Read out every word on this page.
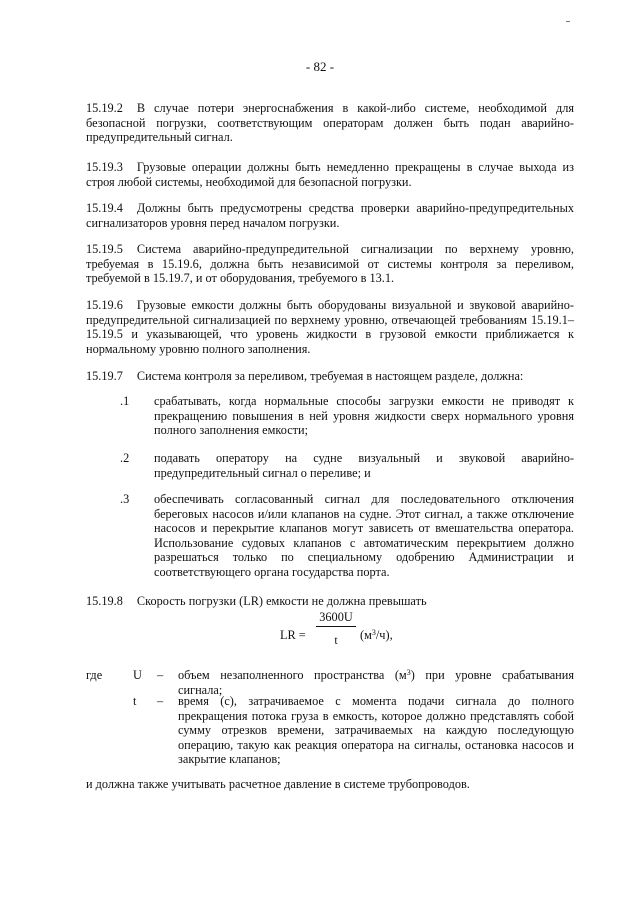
- 82 -

15.19.2 В случае потери энергоснабжения в какой-либо системе, необходимой для безопасной погрузки, соответствующим операторам должен быть подан аварийно-предупредительный сигнал.

15.19.3 Грузовые операции должны быть немедленно прекращены в случае выхода из строя любой системы, необходимой для безопасной погрузки.

15.19.4 Должны быть предусмотрены средства проверки аварийно-предупредительных сигнализаторов уровня перед началом погрузки.

15.19.5 Система аварийно-предупредительной сигнализации по верхнему уровню, требуемая в 15.19.6, должна быть независимой от системы контроля за переливом, требуемой в 15.19.7, и от оборудования, требуемого в 13.1.

15.19.6 Грузовые емкости должны быть оборудованы визуальной и звуковой аварийно-предупредительной сигнализацией по верхнему уровню, отвечающей требованиям 15.19.1–15.19.5 и указывающей, что уровень жидкости в грузовой емкости приближается к нормальному уровню полного заполнения.

15.19.7 Система контроля за переливом, требуемая в настоящем разделе, должна:

.1 срабатывать, когда нормальные способы загрузки емкости не приводят к прекращению повышения в ней уровня жидкости сверх нормального уровня полного заполнения емкости;
.2 подавать оператору на судне визуальный и звуковой аварийно-предупредительный сигнал о переливе; и
.3 обеспечивать согласованный сигнал для последовательного отключения береговых насосов и/или клапанов на судне. Этот сигнал, а также отключение насосов и перекрытие клапанов могут зависеть от вмешательства оператора. Использование судовых клапанов с автоматическим перекрытием должно разрешаться только по специальному одобрению Администрации и соответствующего органа государства порта.

15.19.8 Скорость погрузки (LR) емкости не должна превышать

LR = $\frac{3600U}{t} (м^3/ч)$,
где	U – объем незаполненного пространства $(м^3)$ при уровне срабатывания сигнала;
t – время (с), затрачиваемое с момента подачи сигнала до полного прекращения потока груза в емкость, которое должно представлять собой сумму отрезков времени, затрачиваемых на каждую последующую операцию, такую как реакция оператора на сигналы, остановка насосов и закрытие клапанов;

и должна также учитывать расчетное давление в системе трубопроводов.
